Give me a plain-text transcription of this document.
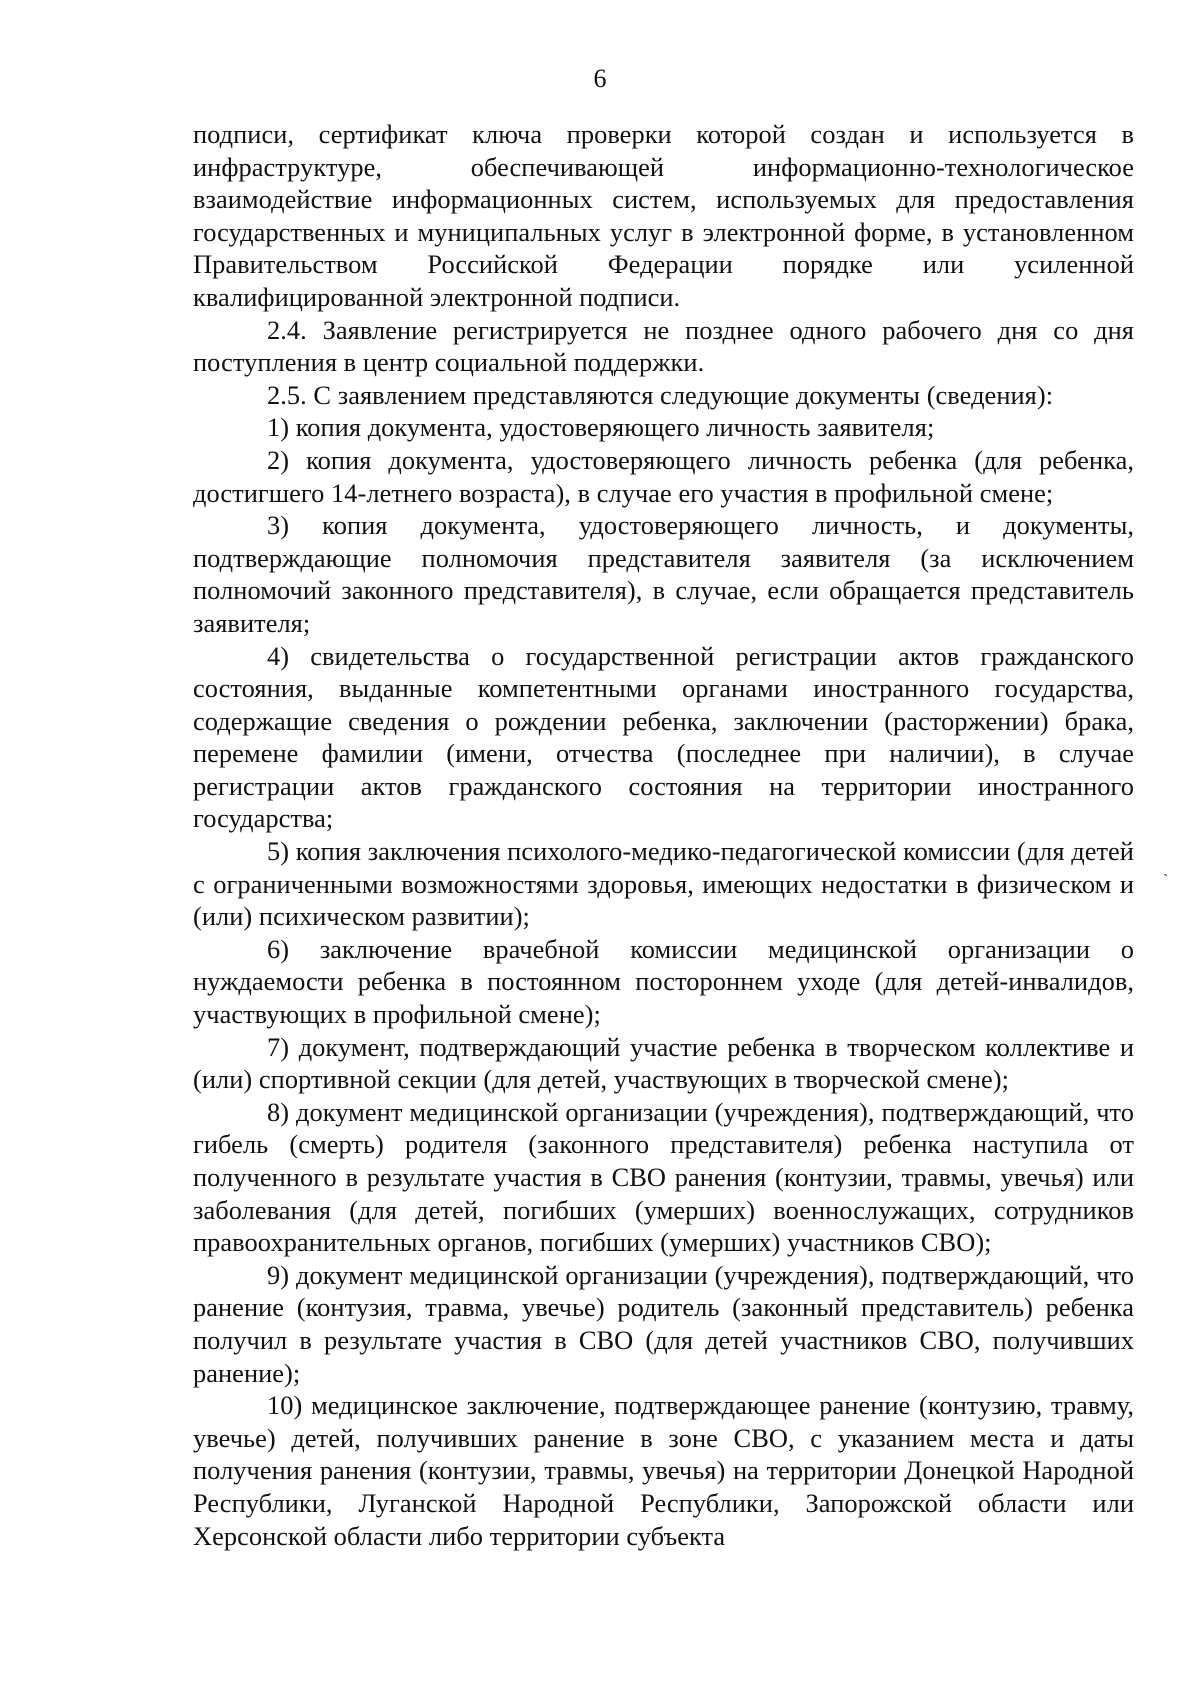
6

подписи, сертификат ключа проверки которой создан и используется в инфраструктуре, обеспечивающей информационно-технологическое взаимодействие информационных систем, используемых для предоставления государственных и муниципальных услуг в электронной форме, в установленном Правительством Российской Федерации порядке или усиленной квалифицированной электронной подписи.

2.4. Заявление регистрируется не позднее одного рабочего дня со дня поступления в центр социальной поддержки.

2.5. С заявлением представляются следующие документы (сведения):

1) копия документа, удостоверяющего личность заявителя;

2) копия документа, удостоверяющего личность ребенка (для ребенка, достигшего 14-летнего возраста), в случае его участия в профильной смене;

3) копия документа, удостоверяющего личность, и документы, подтверждающие полномочия представителя заявителя (за исключением полномочий законного представителя), в случае, если обращается представитель заявителя;

4) свидетельства о государственной регистрации актов гражданского состояния, выданные компетентными органами иностранного государства, содержащие сведения о рождении ребенка, заключении (расторжении) брака, перемене фамилии (имени, отчества (последнее при наличии), в случае регистрации актов гражданского состояния на территории иностранного государства;

5) копия заключения психолого-медико-педагогической комиссии (для детей с ограниченными возможностями здоровья, имеющих недостатки в физическом и (или) психическом развитии);

6) заключение врачебной комиссии медицинской организации о нуждаемости ребенка в постоянном постороннем уходе (для детей-инвалидов, участвующих в профильной смене);

7) документ, подтверждающий участие ребенка в творческом коллективе и (или) спортивной секции (для детей, участвующих в творческой смене);

8) документ медицинской организации (учреждения), подтверждающий, что гибель (смерть) родителя (законного представителя) ребенка наступила от полученного в результате участия в СВО ранения (контузии, травмы, увечья) или заболевания (для детей, погибших (умерших) военнослужащих, сотрудников правоохранительных органов, погибших (умерших) участников СВО);

9) документ медицинской организации (учреждения), подтверждающий, что ранение (контузия, травма, увечье) родитель (законный представитель) ребенка получил в результате участия в СВО (для детей участников СВО, получивших ранение);

10) медицинское заключение, подтверждающее ранение (контузию, травму, увечье) детей, получивших ранение в зоне СВО, с указанием места и даты получения ранения (контузии, травмы, увечья) на территории Донецкой Народной Республики, Луганской Народной Республики, Запорожской области или Херсонской области либо территории субъекта

ˋ
